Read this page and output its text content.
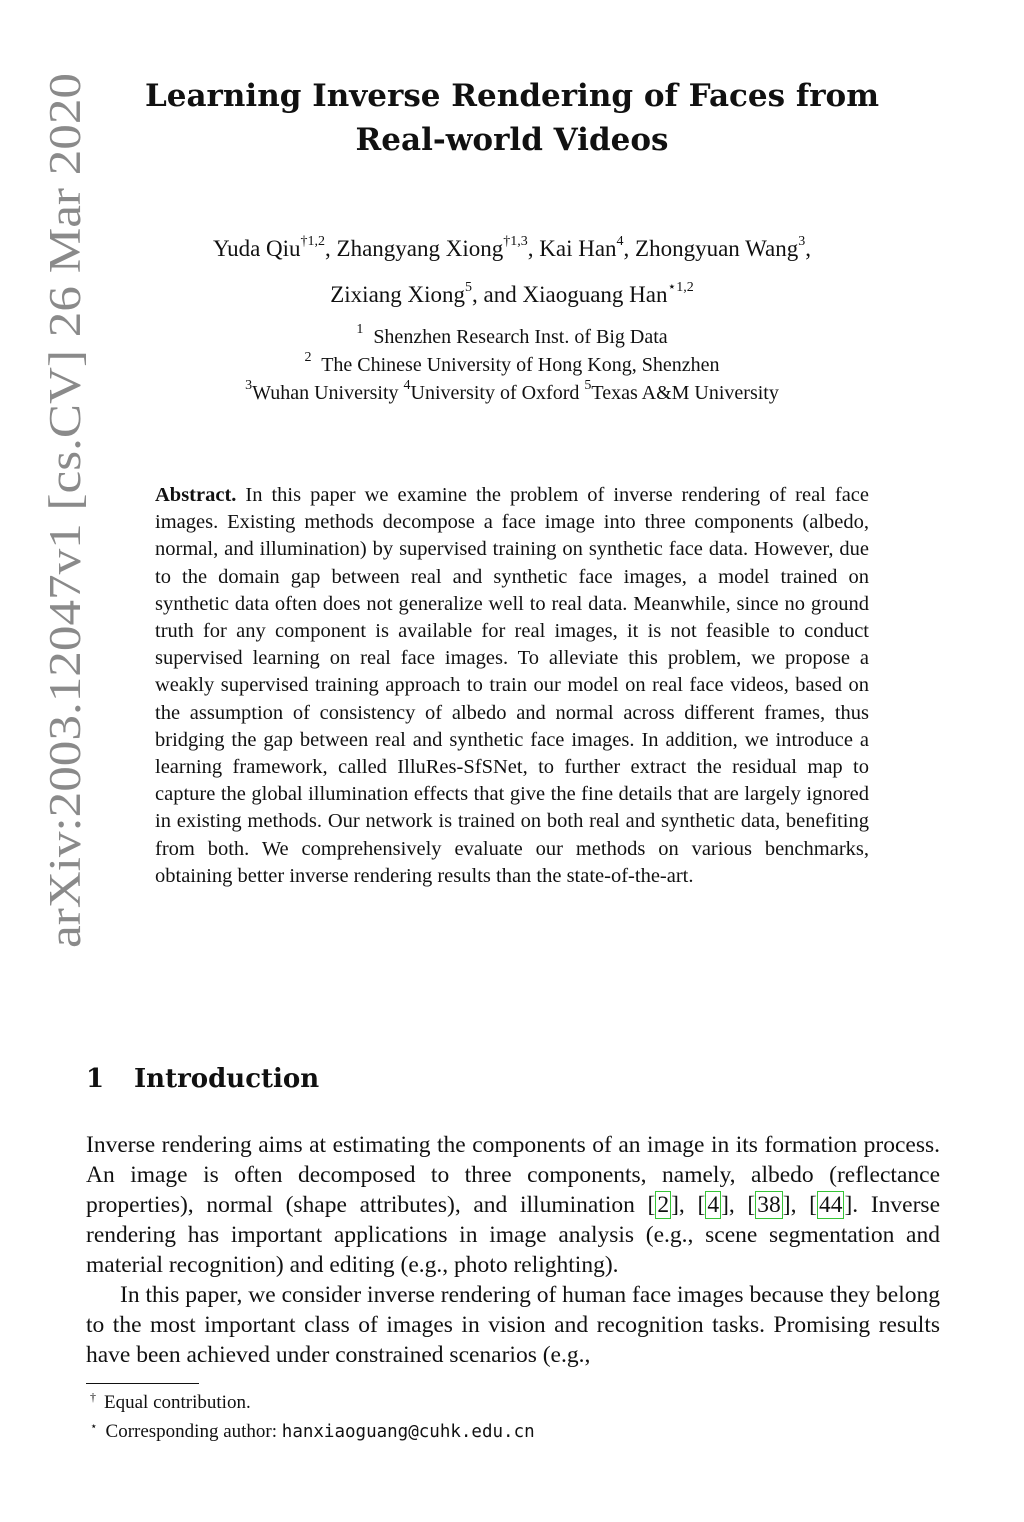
arXiv:2003.12047v1 [cs.CV] 26 Mar 2020
Learning Inverse Rendering of Faces from
Real-world Videos
Yuda Qiu$^{\dagger 1,2}$, Zhangyang Xiong$^{\dagger 1,3}$, Kai Han$^4$, Zhongyuan Wang$^3$,
Zixiang Xiong$^5$, and Xiaoguang Han$^{⋆1,2}$
$^1$ Shenzhen Research Inst. of Big Data
$^2$ The Chinese University of Hong Kong, Shenzhen
$^3$Wuhan University $^4$University of Oxford $^5$Texas A&M University
Abstract. In this paper we examine the problem of inverse rendering of real face images. Existing methods decompose a face image into three components (albedo, normal, and illumination) by supervised training on synthetic face data. However, due to the domain gap between real and synthetic face images, a model trained on synthetic data often does not generalize well to real data. Meanwhile, since no ground truth for any component is available for real images, it is not feasible to conduct supervised learning on real face images. To alleviate this problem, we propose a weakly supervised training approach to train our model on real face videos, based on the assumption of consistency of albedo and normal across different frames, thus bridging the gap between real and synthetic face images. In addition, we introduce a learning framework, called IlluRes-SfSNet, to further extract the residual map to capture the global illumination effects that give the fine details that are largely ignored in existing methods. Our network is trained on both real and synthetic data, benefiting from both. We comprehensively evaluate our methods on various benchmarks, obtaining better inverse rendering results than the state-of-the-art.
1 Introduction

Inverse rendering aims at estimating the components of an image in its formation process. An image is often decomposed to three components, namely, albedo (reflectance properties), normal (shape attributes), and illumination [2], [4], [38], [44]. Inverse rendering has important applications in image analysis (e.g., scene segmentation and material recognition) and editing (e.g., photo relighting).

In this paper, we consider inverse rendering of human face images because they belong to the most important class of images in vision and recognition tasks. Promising results have been achieved under constrained scenarios (e.g.,

† Equal contribution.
⋆ Corresponding author: hanxiaoguang@cuhk.edu.cn
